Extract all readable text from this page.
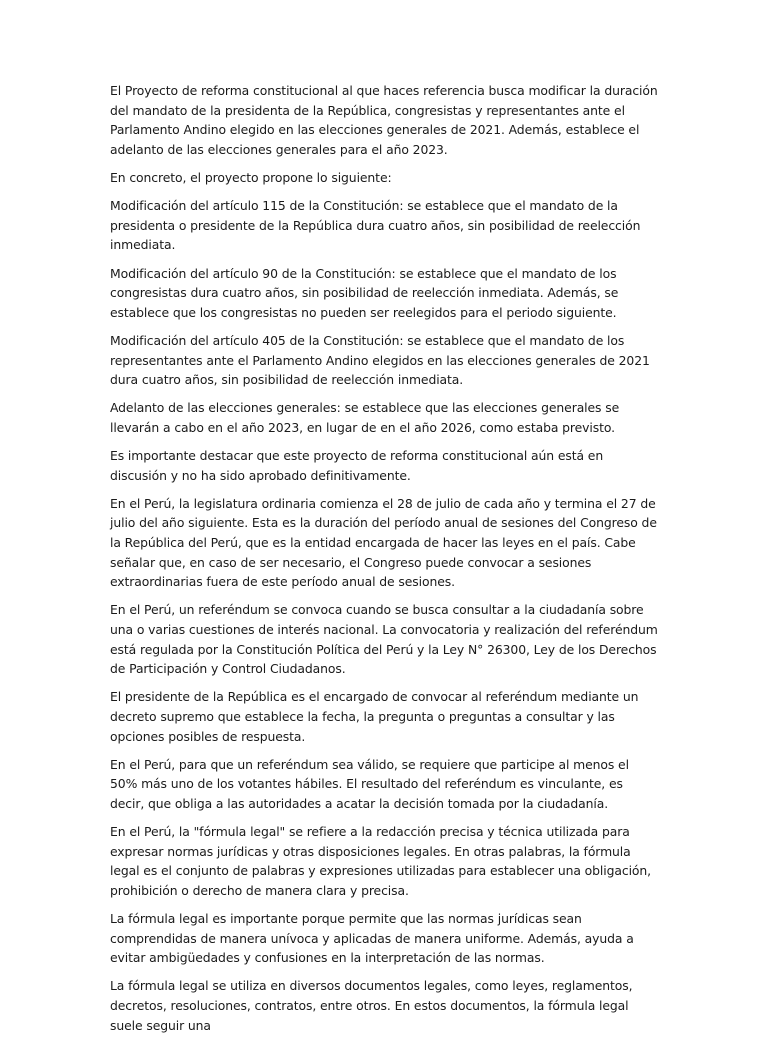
El Proyecto de reforma constitucional al que haces referencia busca modificar la duración del mandato de la presidenta de la República, congresistas y representantes ante el Parlamento Andino elegido en las elecciones generales de 2021. Además, establece el adelanto de las elecciones generales para el año 2023.

En concreto, el proyecto propone lo siguiente:

Modificación del artículo 115 de la Constitución: se establece que el mandato de la presidenta o presidente de la República dura cuatro años, sin posibilidad de reelección inmediata.

Modificación del artículo 90 de la Constitución: se establece que el mandato de los congresistas dura cuatro años, sin posibilidad de reelección inmediata. Además, se establece que los congresistas no pueden ser reelegidos para el periodo siguiente.

Modificación del artículo 405 de la Constitución: se establece que el mandato de los representantes ante el Parlamento Andino elegidos en las elecciones generales de 2021 dura cuatro años, sin posibilidad de reelección inmediata.

Adelanto de las elecciones generales: se establece que las elecciones generales se llevarán a cabo en el año 2023, en lugar de en el año 2026, como estaba previsto.

Es importante destacar que este proyecto de reforma constitucional aún está en discusión y no ha sido aprobado definitivamente.

En el Perú, la legislatura ordinaria comienza el 28 de julio de cada año y termina el 27 de julio del año siguiente. Esta es la duración del período anual de sesiones del Congreso de la República del Perú, que es la entidad encargada de hacer las leyes en el país. Cabe señalar que, en caso de ser necesario, el Congreso puede convocar a sesiones extraordinarias fuera de este período anual de sesiones.

En el Perú, un referéndum se convoca cuando se busca consultar a la ciudadanía sobre una o varias cuestiones de interés nacional. La convocatoria y realización del referéndum está regulada por la Constitución Política del Perú y la Ley N° 26300, Ley de los Derechos de Participación y Control Ciudadanos.

El presidente de la República es el encargado de convocar al referéndum mediante un decreto supremo que establece la fecha, la pregunta o preguntas a consultar y las opciones posibles de respuesta.

En el Perú, para que un referéndum sea válido, se requiere que participe al menos el 50% más uno de los votantes hábiles. El resultado del referéndum es vinculante, es decir, que obliga a las autoridades a acatar la decisión tomada por la ciudadanía.

En el Perú, la "fórmula legal" se refiere a la redacción precisa y técnica utilizada para expresar normas jurídicas y otras disposiciones legales. En otras palabras, la fórmula legal es el conjunto de palabras y expresiones utilizadas para establecer una obligación, prohibición o derecho de manera clara y precisa.

La fórmula legal es importante porque permite que las normas jurídicas sean comprendidas de manera unívoca y aplicadas de manera uniforme. Además, ayuda a evitar ambigüedades y confusiones en la interpretación de las normas.

La fórmula legal se utiliza en diversos documentos legales, como leyes, reglamentos, decretos, resoluciones, contratos, entre otros. En estos documentos, la fórmula legal suele seguir una
